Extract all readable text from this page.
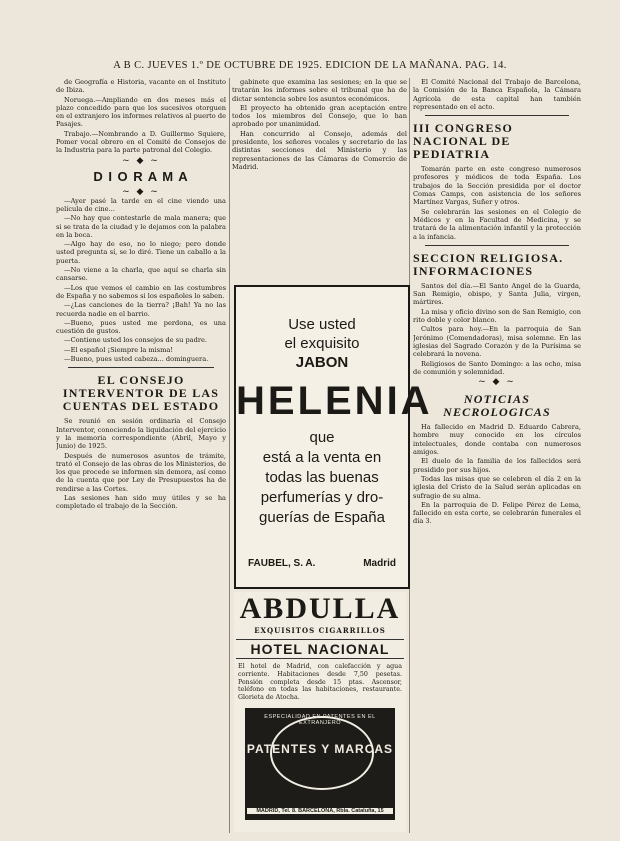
A B C. JUEVES 1.º DE OCTUBRE DE 1925. EDICION DE LA MAÑANA. PAG. 14.

de Geografía e Historia, vacante en el Instituto de Ibiza.

Noruega.—Ampliando en dos meses más el plazo concedido para que los sucesivos otorguen en el extranjero los informes relativos al puerto de Pasajes.

Trabajo.—Nombrando a D. Guillermo Squiere, Pomer vocal obrero en el Comité de Consejos de la Industria para la parte patronal del Colegio.

~ ◆ ~
D I O R A M A
~ ◆ ~

—Ayer pasé la tarde en el cine viendo una película de cine...

—No hay que contestarle de mala manera; que si se trata de la ciudad y le dejamos con la palabra en la boca.

—Algo hay de eso, no lo niego; pero donde usted pregunta sí, se lo diré. Tiene un caballo a la puerta.

—No viene a la charla, que aquí se charla sin cansarse.

—Los que vemos el cambio en las costumbres de España y no sabemos si los españoles lo saben.

—¿Las canciones de la tierra? ¡Bah! Ya no las recuerda nadie en el barrio.

—Bueno, pues usted me perdona, es una cuestión de gustos.

—Contiene usted los consejos de su padre.

—El español ¡Siempre la misma!

—Bueno, pues usted cabeza... dominguera.

EL CONSEJO INTERVENTOR DE LAS CUENTAS DEL ESTADO

Se reunió en sesión ordinaria el Consejo Interventor, conociendo la liquidación del ejercicio y la memoria correspondiente (Abril, Mayo y Junio) de 1925.

Después de numerosos asuntos de trámite, trató el Consejo de las obras de los Ministerios, de los que procede se informen sin demora, así como de la cuenta que por Ley de Presupuestos ha de rendirse a las Cortes.

Las sesiones han sido muy útiles y se ha completado el trabajo de la Sección.

gabinete que examina las sesiones; en la que se tratarán los informes sobre el tribunal que ha de dictar sentencia sobre los asuntos económicos.

El proyecto ha obtenido gran aceptación entre todos los miembros del Consejo, que lo han aprobado por unanimidad.

Han concurrido al Consejo, además del presidente, los señores vocales y secretario de las distintas secciones del Ministerio y las representaciones de las Cámaras de Comercio de Madrid.

Use usted
el exquisito
JABON
HELENIA
que
está a la venta en
todas las buenas
perfumerías y dro-
guerías de España
FAUBEL, S. A.	Madrid
ABDULLA
EXQUISITOS CIGARRILLOS
HOTEL NACIONAL
El hotel de Madrid, con calefacción y agua corriente. Habitaciones desde 7,50 pesetas. Pensión completa desde 15 ptas. Ascensor, teléfono en todas las habitaciones, restaurante. Glorieta de Atocha.
ESPECIALIDAD EN PATENTES EN EL EXTRANJERO
PATENTES Y MARCAS
MADRID, Tel. 8. BARCELONA, Rbla. Cataluña, 15

El Comité Nacional del Trabajo de Barcelona, la Comisión de la Banca Española, la Cámara Agrícola de esta capital han también representado en el acto.

III CONGRESO NACIONAL DE PEDIATRIA

Tomarán parte en este congreso numerosos profesores y médicos de toda España. Los trabajos de la Sección presidida por el doctor Comas Camps, con asistencia de los señores Martínez Vargas, Suñer y otros.

Se celebrarán las sesiones en el Colegio de Médicos y en la Facultad de Medicina, y se tratará de la alimentación infantil y la protección a la infancia.

SECCION RELIGIOSA. INFORMACIONES

Santos del día.—El Santo Angel de la Guarda, San Remigio, obispo, y Santa Julia, virgen, mártires.

La misa y oficio divino son de San Remigio, con rito doble y color blanco.

Cultos para hoy.—En la parroquia de San Jerónimo (Comendadoras), misa solemne. En las iglesias del Sagrado Corazón y de la Purísima se celebrará la novena.

Religiosos de Santo Domingo: a las ocho, misa de comunión y solemnidad.

~ ◆ ~
NOTICIAS NECROLOGICAS

Ha fallecido en Madrid D. Eduardo Cabrera, hombre muy conocido en los círculos intelectuales, donde contaba con numerosos amigos.

El duelo de la familia de los fallecidos será presidido por sus hijos.

Todas las misas que se celebren el día 2 en la iglesia del Cristo de la Salud serán aplicadas en sufragio de su alma.

En la parroquia de D. Felipe Pérez de Lema, fallecido en esta corte, se celebrarán funerales el día 3.
